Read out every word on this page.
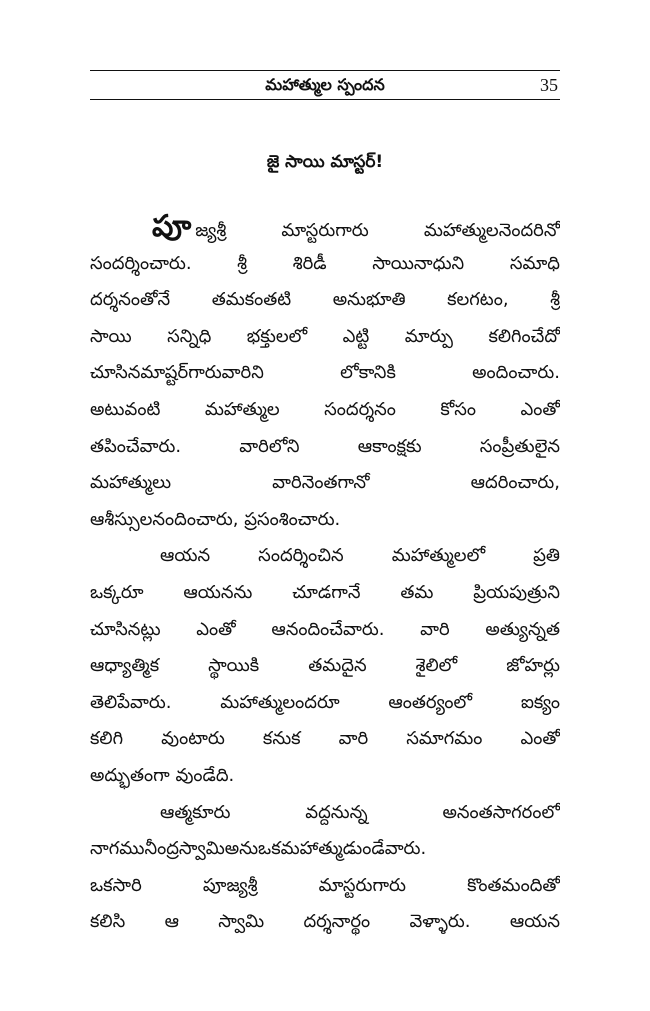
మహాత్ముల స్పందన	35
జై సాయి మాస్టర్!
పూ జ్యశ్రీ మాస్టరుగారు మహాత్ములనెందరినో
సందర్శించారు. శ్రీ శిరిడీ సాయినాధుని సమాధి
దర్శనంతోనే తమకంతటి అనుభూతి కలగటం, శ్రీ
సాయి సన్నిధి భక్తులలో ఎట్టి మార్పు కలిగించేదో
చూసినమాష్టర్‌గారువారిని లోకానికి అందించారు.
అటువంటి మహాత్ముల సందర్శనం కోసం ఎంతో
తపించేవారు. వారిలోని ఆకాంక్షకు సంప్రీతులైన
మహాత్ములు వారినెంతగానో ఆదరించారు,
ఆశీస్సులనందించారు, ప్రసంశించారు.
ఆయన సందర్శించిన మహాత్ములలో ప్రతి
ఒక్కరూ ఆయనను చూడగానే తమ ప్రియపుత్రుని
చూసినట్లు ఎంతో ఆనందించేవారు. వారి అత్యున్నత
ఆధ్యాత్మిక స్థాయికి తమదైన శైలిలో జోహర్లు
తెలిపేవారు. మహాత్ములందరూ ఆంతర్యంలో ఐక్యం
కలిగి వుంటారు కనుక వారి సమాగమం ఎంతో
అద్భుతంగా వుండేది.
ఆత్మకూరు వద్దనున్న అనంతసాగరంలో
నాగమునీంద్రస్వామిఅనుఒకమహాత్ముడుండేవారు.
ఒకసారి పూజ్యశ్రీ మాస్టరుగారు కొంతమందితో
కలిసి ఆ స్వామి దర్శనార్థం వెళ్ళారు. ఆయన
